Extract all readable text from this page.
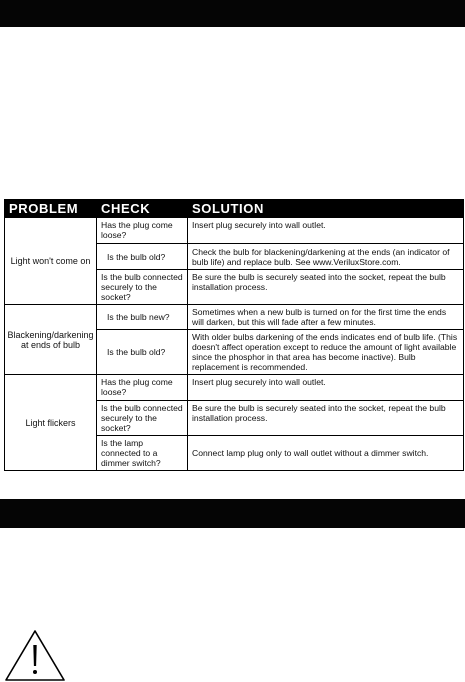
PROBLEM	CHECK	SOLUTION
Light won't come on	Has the plug come loose?	Insert plug securely into wall outlet.
	Is the bulb old?	Check the bulb for blackening/darkening at the ends (an indicator of bulb life) and replace bulb. See www.VeriluxStore.com.
	Is the bulb connected securely to the socket?	Be sure the bulb is securely seated into the socket, repeat the bulb installation process.
Blackening/darkening at ends of bulb	Is the bulb new?	Sometimes when a new bulb is turned on for the first time the ends will darken, but this will fade after a few minutes.
	Is the bulb old?	With older bulbs darkening of the ends indicates end of bulb life. (This doesn't affect operation except to reduce the amount of light available since the phosphor in that area has become inactive). Bulb replacement is recommended.
Light flickers	Has the plug come loose?	Insert plug securely into wall outlet.
	Is the bulb connected securely to the socket?	Be sure the bulb is securely seated into the socket, repeat the bulb installation process.
	Is the lamp connected to a dimmer switch?	Connect lamp plug only to wall outlet without a dimmer switch.
